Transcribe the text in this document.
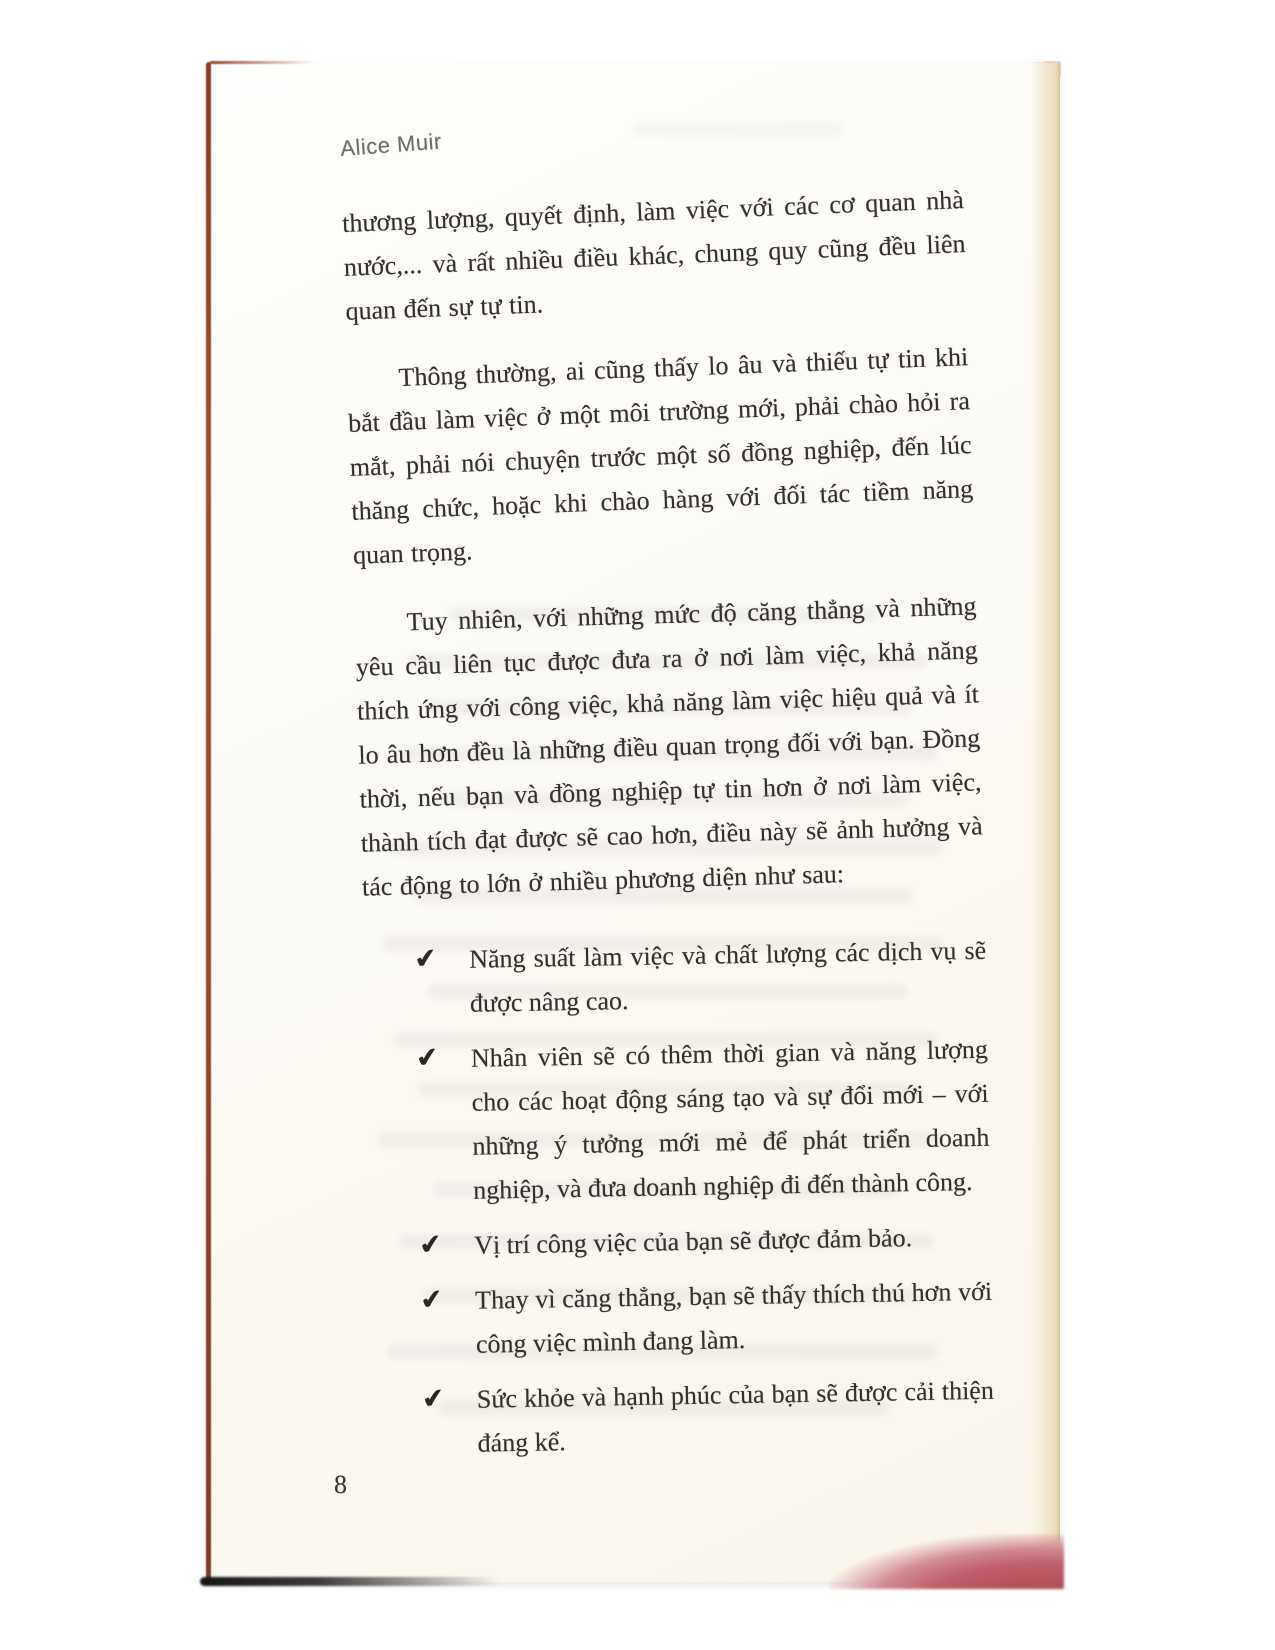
Alice Muir

thương lượng, quyết định, làm việc với các cơ quan nhà nước,... và rất nhiều điều khác, chung quy cũng đều liên quan đến sự tự tin.

Thông thường, ai cũng thấy lo âu và thiếu tự tin khi bắt đầu làm việc ở một môi trường mới, phải chào hỏi ra mắt, phải nói chuyện trước một số đồng nghiệp, đến lúc thăng chức, hoặc khi chào hàng với đối tác tiềm năng quan trọng.

Tuy nhiên, với những mức độ căng thẳng và những yêu cầu liên tục được đưa ra ở nơi làm việc, khả năng thích ứng với công việc, khả năng làm việc hiệu quả và ít lo âu hơn đều là những điều quan trọng đối với bạn. Đồng thời, nếu bạn và đồng nghiệp tự tin hơn ở nơi làm việc, thành tích đạt được sẽ cao hơn, điều này sẽ ảnh hưởng và tác động to lớn ở nhiều phương diện như sau:

✔ Năng suất làm việc và chất lượng các dịch vụ sẽ được nâng cao.
✔ Nhân viên sẽ có thêm thời gian và năng lượng cho các hoạt động sáng tạo và sự đổi mới – với những ý tưởng mới mẻ để phát triển doanh nghiệp, và đưa doanh nghiệp đi đến thành công.
✔ Vị trí công việc của bạn sẽ được đảm bảo.
✔ Thay vì căng thẳng, bạn sẽ thấy thích thú hơn với công việc mình đang làm.
✔ Sức khỏe và hạnh phúc của bạn sẽ được cải thiện đáng kể.
8
